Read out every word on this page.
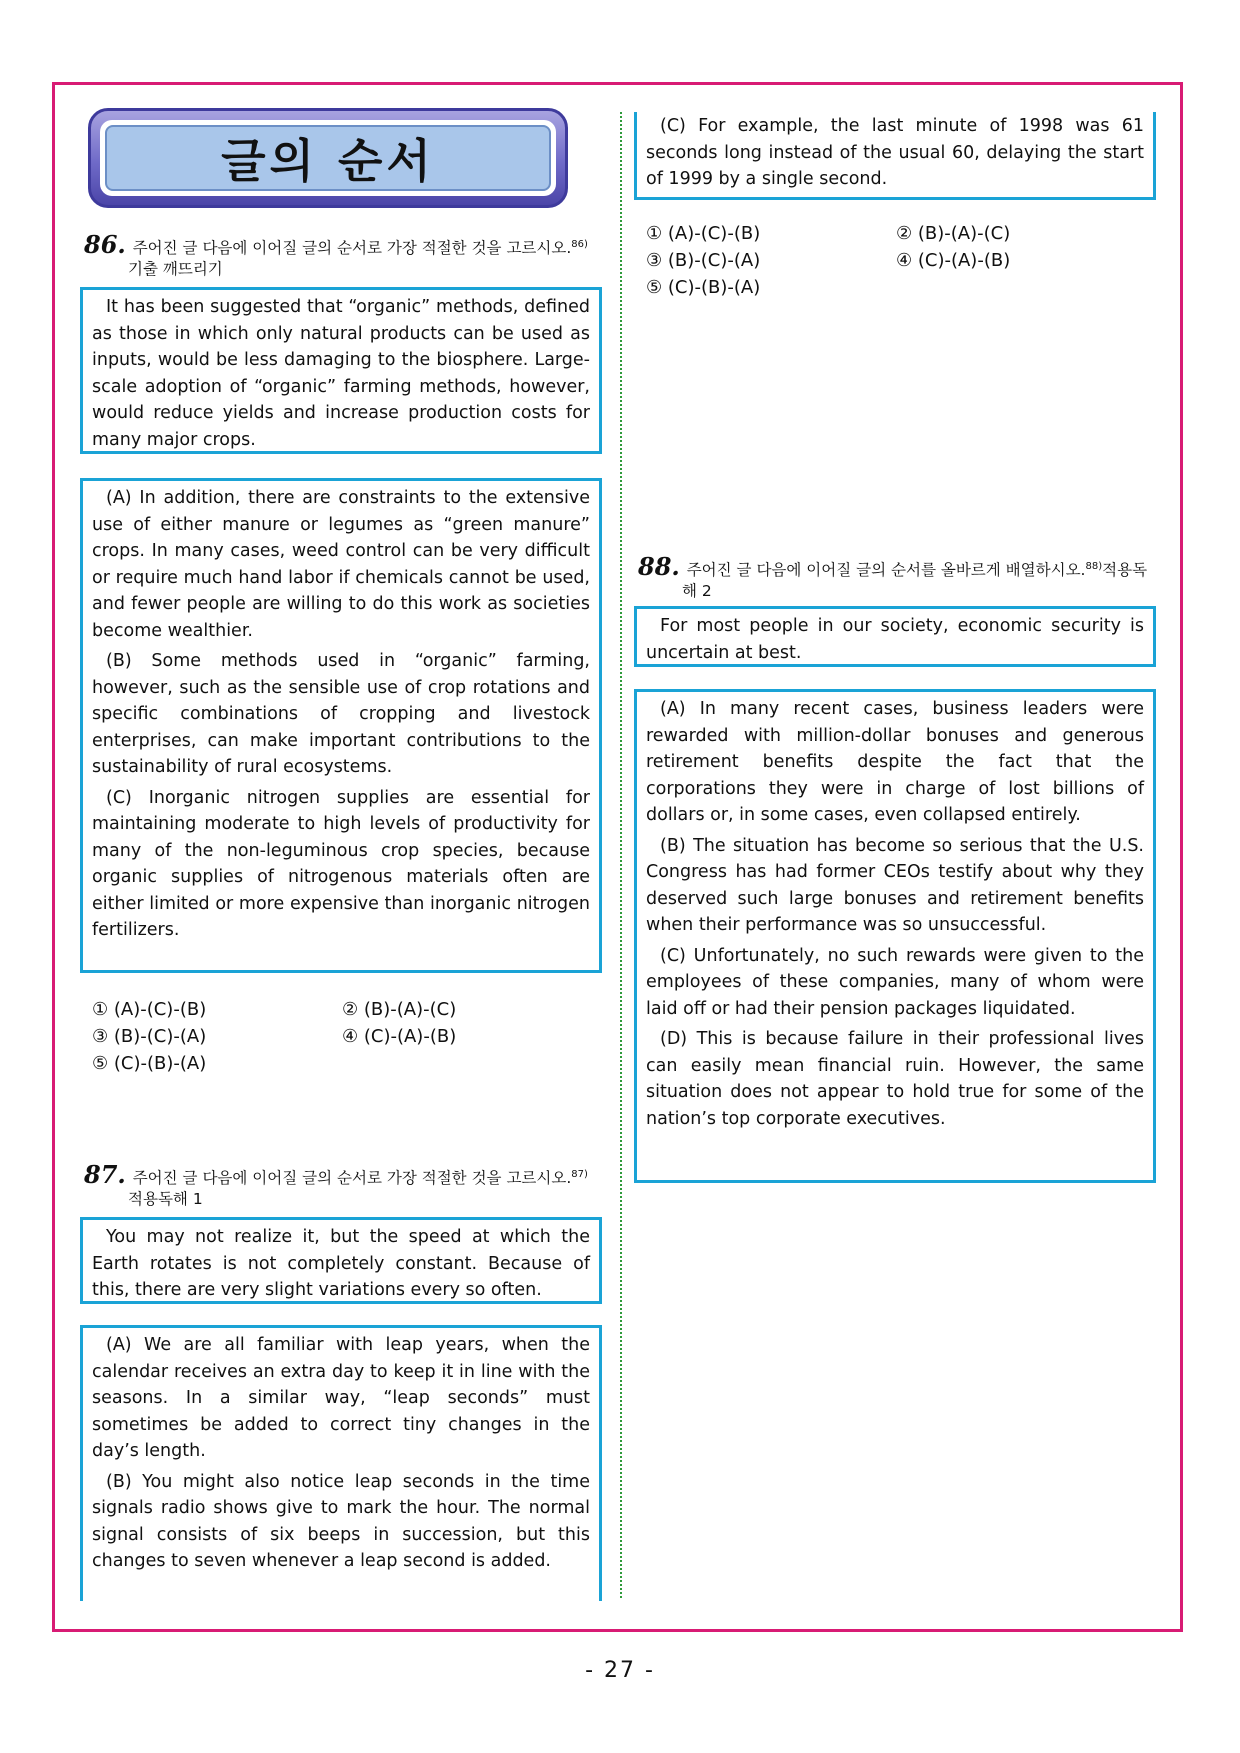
글의 순서
86. 주어진 글 다음에 이어질 글의 순서로 가장 적절한 것을 고르시오.$^{86)}$
기출 깨뜨리기

It has been suggested that “organic” methods, defined as those in which only natural products can be used as inputs, would be less damaging to the biosphere. Large-scale adoption of “organic” farming methods, however, would reduce yields and increase production costs for many major crops.

(A) In addition, there are constraints to the extensive use of either manure or legumes as “green manure” crops. In many cases, weed control can be very difficult or require much hand labor if chemicals cannot be used, and fewer people are willing to do this work as societies become wealthier.

(B) Some methods used in “organic” farming, however, such as the sensible use of crop rotations and specific combinations of cropping and livestock enterprises, can make important contributions to the sustainability of rural ecosystems.

(C) Inorganic nitrogen supplies are essential for maintaining moderate to high levels of productivity for many of the non-leguminous crop species, because organic supplies of nitrogenous materials often are either limited or more expensive than inorganic nitrogen fertilizers.

① (A)-(C)-(B)	② (B)-(A)-(C)
③ (B)-(C)-(A)	④ (C)-(A)-(B)
⑤ (C)-(B)-(A)
87. 주어진 글 다음에 이어질 글의 순서로 가장 적절한 것을 고르시오.$^{87)}$
적용독해 1

You may not realize it, but the speed at which the Earth rotates is not completely constant. Because of this, there are very slight variations every so often.

(A) We are all familiar with leap years, when the calendar receives an extra day to keep it in line with the seasons. In a similar way, “leap seconds” must sometimes be added to correct tiny changes in the day’s length.

(B) You might also notice leap seconds in the time signals radio shows give to mark the hour. The normal signal consists of six beeps in succession, but this changes to seven whenever a leap second is added.

(C) For example, the last minute of 1998 was 61 seconds long instead of the usual 60, delaying the start of 1999 by a single second.

① (A)-(C)-(B)	② (B)-(A)-(C)
③ (B)-(C)-(A)	④ (C)-(A)-(B)
⑤ (C)-(B)-(A)
88. 주어진 글 다음에 이어질 글의 순서를 올바르게 배열하시오.$^{88)}$적용독
해 2

For most people in our society, economic security is uncertain at best.

(A) In many recent cases, business leaders were rewarded with million-dollar bonuses and generous retirement benefits despite the fact that the corporations they were in charge of lost billions of dollars or, in some cases, even collapsed entirely.

(B) The situation has become so serious that the U.S. Congress has had former CEOs testify about why they deserved such large bonuses and retirement benefits when their performance was so unsuccessful.

(C) Unfortunately, no such rewards were given to the employees of these companies, many of whom were laid off or had their pension packages liquidated.

(D) This is because failure in their professional lives can easily mean financial ruin. However, the same situation does not appear to hold true for some of the nation’s top corporate executives.

- 27 -
